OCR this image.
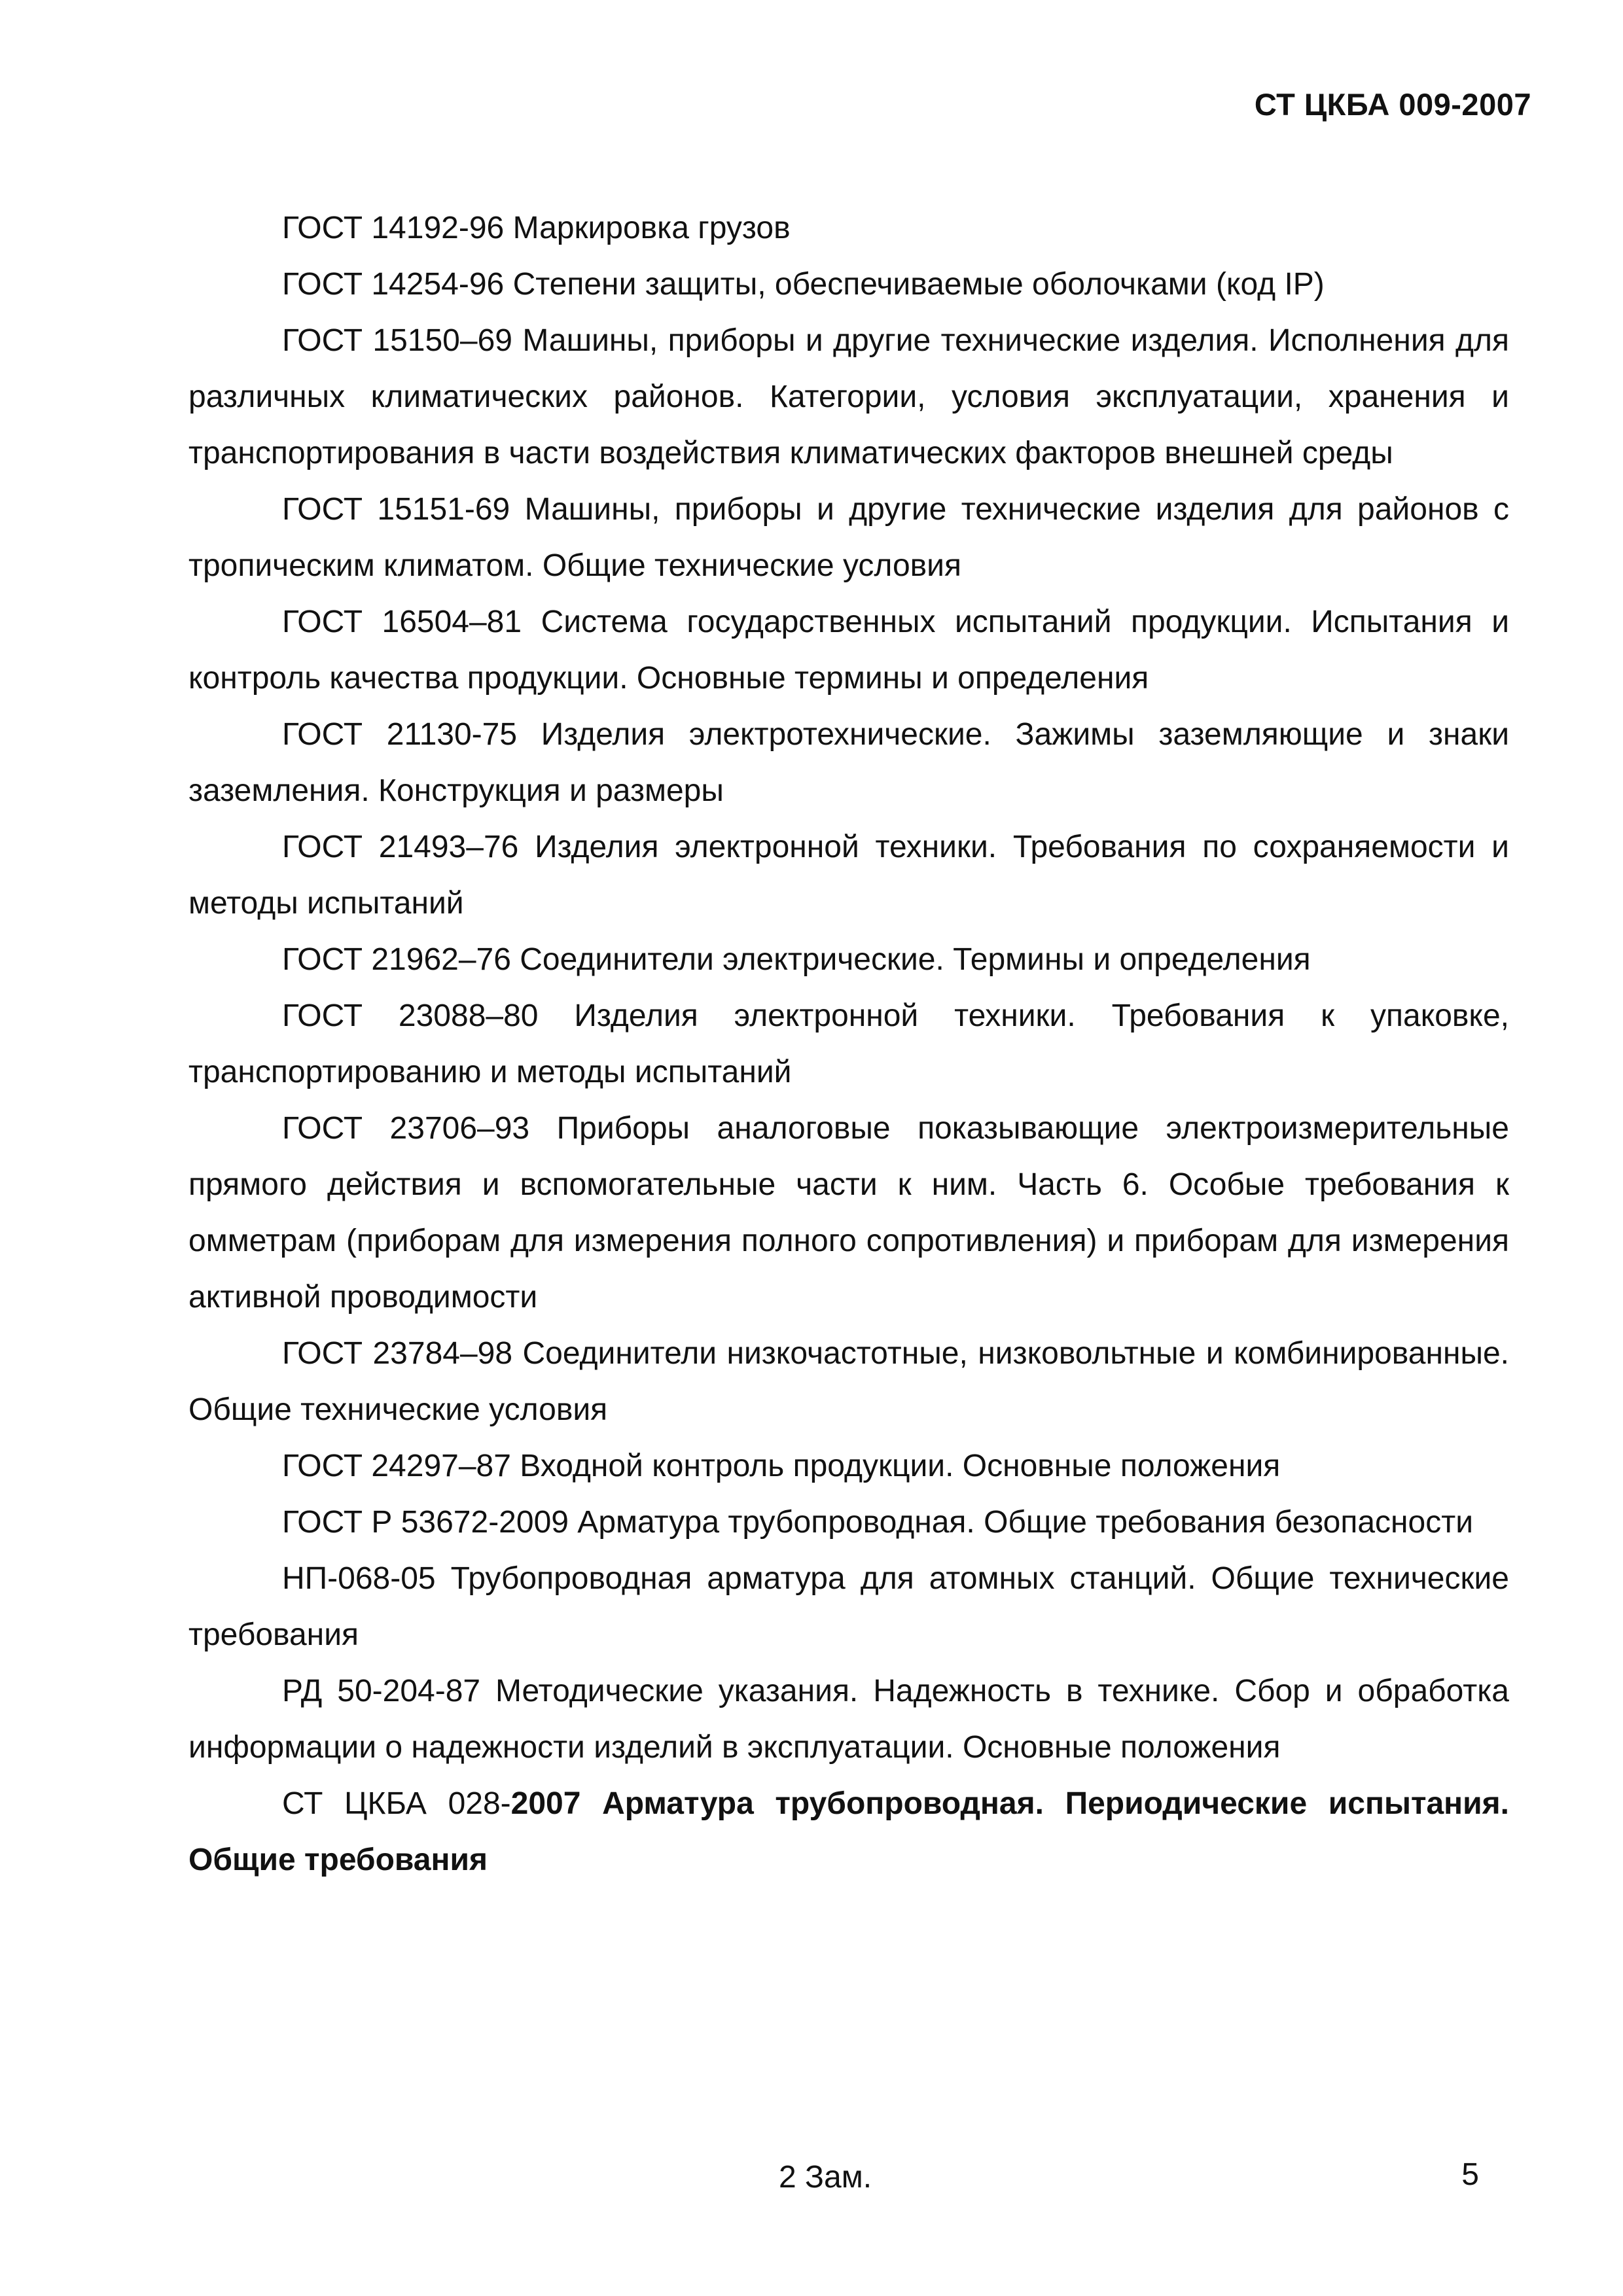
СТ ЦКБА 009-2007

ГОСТ 14192-96 Маркировка грузов

ГОСТ 14254-96 Степени защиты, обеспечиваемые оболочками (код IP)

ГОСТ 15150–69 Машины, приборы и другие технические изделия. Исполнения для различных климатических районов. Категории, условия эксплуатации, хранения и транспортирования в части воздействия климатических факторов внешней среды

ГОСТ 15151-69 Машины, приборы и другие технические изделия для районов с тропическим климатом. Общие технические условия

ГОСТ 16504–81 Система государственных испытаний продукции. Испытания и контроль качества продукции. Основные термины и определения

ГОСТ 21130-75 Изделия электротехнические. Зажимы заземляющие и знаки заземления. Конструкция и размеры

ГОСТ 21493–76 Изделия электронной техники. Требования по сохраняемости и методы испытаний

ГОСТ 21962–76 Соединители электрические. Термины и определения

ГОСТ 23088–80 Изделия электронной техники. Требования к упаковке, транспортированию и методы испытаний

ГОСТ 23706–93 Приборы аналоговые показывающие электроизмерительные прямого действия и вспомогательные части к ним. Часть 6. Особые требования к омметрам (приборам для измерения полного сопротивления) и приборам для измерения активной проводимости

ГОСТ 23784–98 Соединители низкочастотные, низковольтные и комбинированные. Общие технические условия

ГОСТ 24297–87 Входной контроль продукции. Основные положения

ГОСТ Р 53672-2009 Арматура трубопроводная. Общие требования безопасности

НП-068-05 Трубопроводная арматура для атомных станций. Общие технические требования

РД 50-204-87 Методические указания. Надежность в технике. Сбор и обработка информации о надежности изделий в эксплуатации. Основные положения

СТ ЦКБА 028-2007 Арматура трубопроводная. Периодические испытания. Общие требования

2 Зам.	5
